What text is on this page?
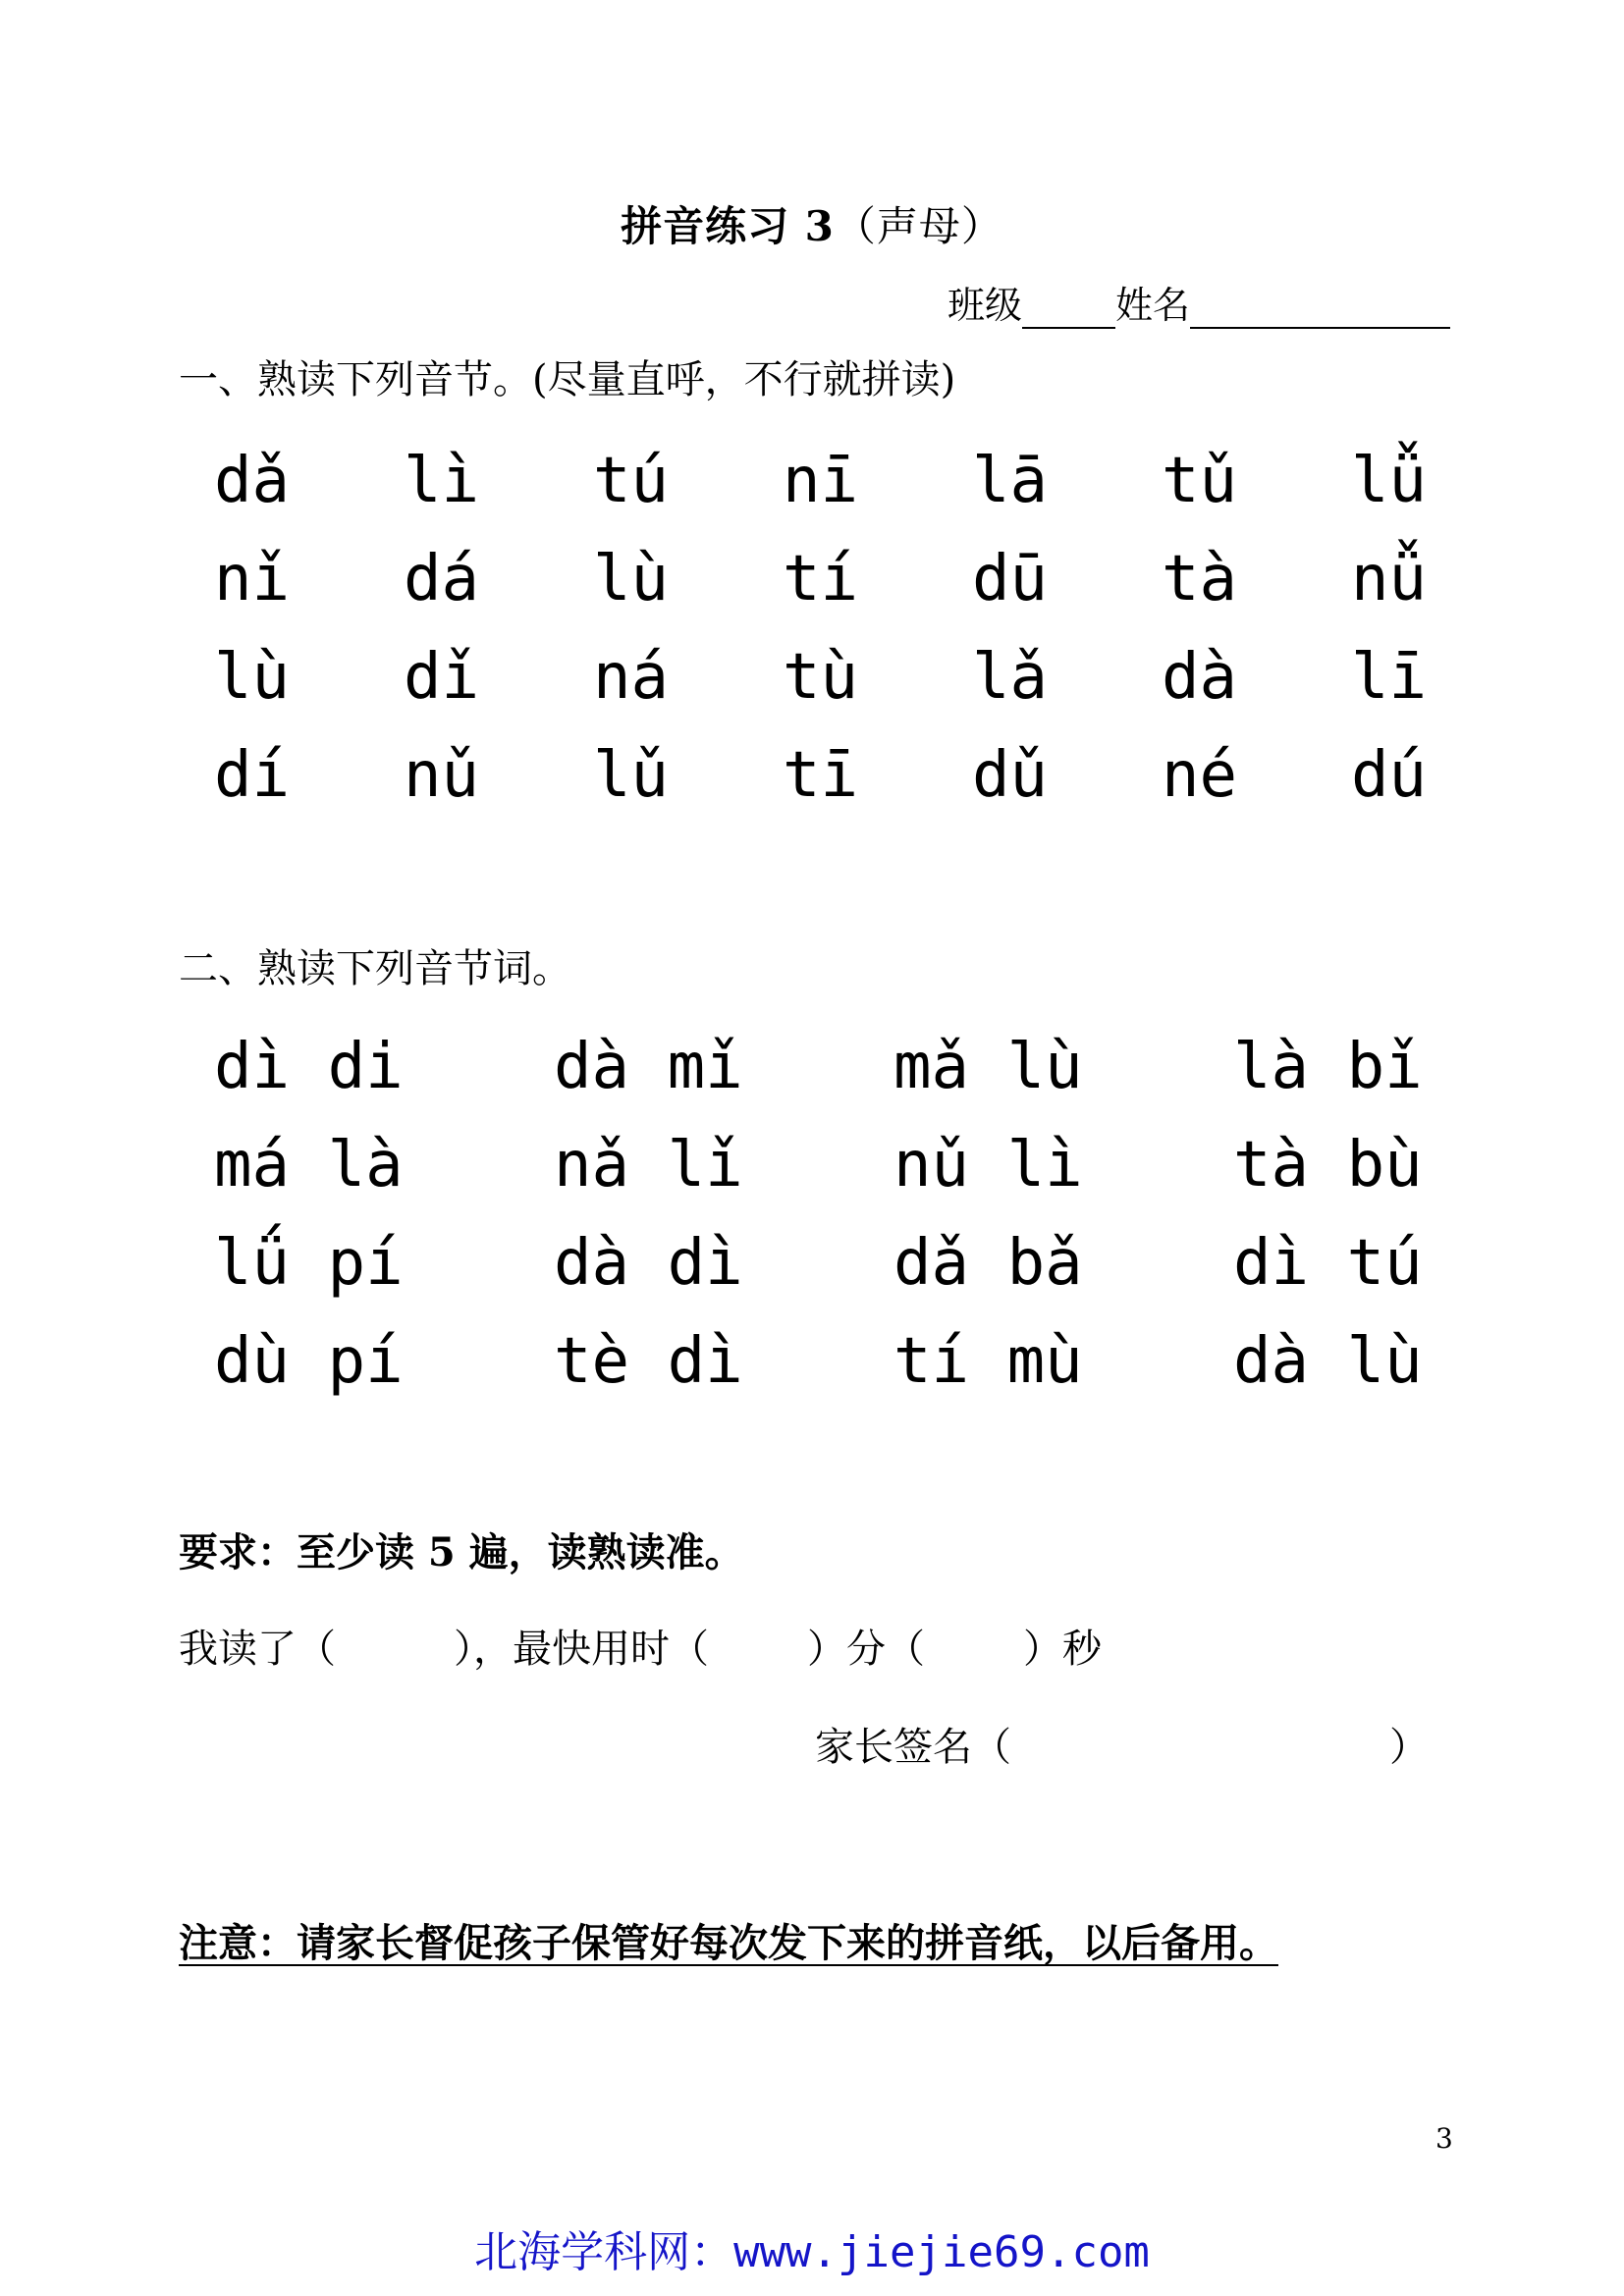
拼音练习 3（声母）
班级	姓名
一、熟读下列音节。(尽量直呼，不行就拼读)
dǎ	lì	tú	nī	lā	tǔ	lǚ
nǐ	dá	lù	tí	dū	tà	nǚ
lù	dǐ	ná	tù	lǎ	dà	lī
dí	nǔ	lǔ	tī	dǔ	né	dú
二、熟读下列音节词。
dì di	dà mǐ	mǎ lù	là bǐ
má là	nǎ lǐ	nǔ lì	tà bù
lǘ pí	dà dì	dǎ bǎ	dì tú
dù pí	tè dì	tí mù	dà lù
要求：至少读 5 遍，读熟读准。
我读了（	），最快用时（	）分（	）秒
家长签名（	）
注意：请家长督促孩子保管好每次发下来的拼音纸，以后备用。
3
北海学科网：www.jiejie69.com
